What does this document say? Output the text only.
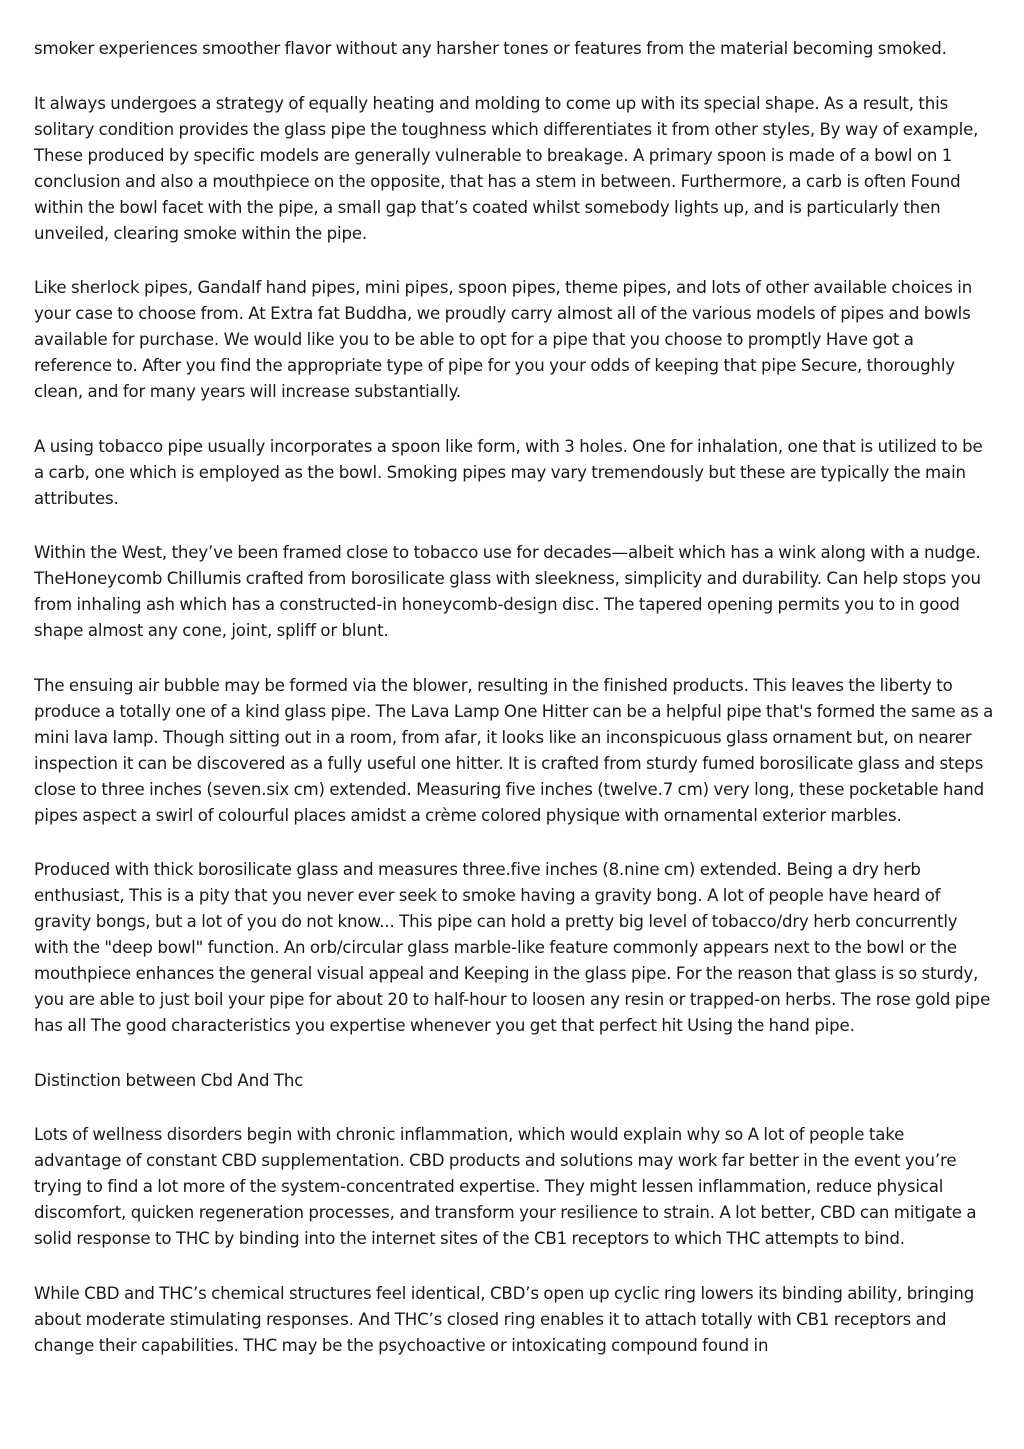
smoker experiences smoother flavor without any harsher tones or features from the material becoming smoked.

It always undergoes a strategy of equally heating and molding to come up with its special shape. As a result, this solitary condition provides the glass pipe the toughness which differentiates it from other styles, By way of example, These produced by specific models are generally vulnerable to breakage. A primary spoon is made of a bowl on 1 conclusion and also a mouthpiece on the opposite, that has a stem in between. Furthermore, a carb is often Found within the bowl facet with the pipe, a small gap that’s coated whilst somebody lights up, and is particularly then unveiled, clearing smoke within the pipe.

Like sherlock pipes, Gandalf hand pipes, mini pipes, spoon pipes, theme pipes, and lots of other available choices in your case to choose from. At Extra fat Buddha, we proudly carry almost all of the various models of pipes and bowls available for purchase. We would like you to be able to opt for a pipe that you choose to promptly Have got a reference to. After you find the appropriate type of pipe for you your odds of keeping that pipe Secure, thoroughly clean, and for many years will increase substantially.

A using tobacco pipe usually incorporates a spoon like form, with 3 holes. One for inhalation, one that is utilized to be a carb, one which is employed as the bowl. Smoking pipes may vary tremendously but these are typically the main attributes.

Within the West, they’ve been framed close to tobacco use for decades—albeit which has a wink along with a nudge. TheHoneycomb Chillumis crafted from borosilicate glass with sleekness, simplicity and durability. Can help stops you from inhaling ash which has a constructed-in honeycomb-design disc. The tapered opening permits you to in good shape almost any cone, joint, spliff or blunt.

The ensuing air bubble may be formed via the blower, resulting in the finished products. This leaves the liberty to produce a totally one of a kind glass pipe. The Lava Lamp One Hitter can be a helpful pipe that's formed the same as a mini lava lamp. Though sitting out in a room, from afar, it looks like an inconspicuous glass ornament but, on nearer inspection it can be discovered as a fully useful one hitter. It is crafted from sturdy fumed borosilicate glass and steps close to three inches (seven.six cm) extended. Measuring five inches (twelve.7 cm) very long, these pocketable hand pipes aspect a swirl of colourful places amidst a crème colored physique with ornamental exterior marbles.

Produced with thick borosilicate glass and measures three.five inches (8.nine cm) extended. Being a dry herb enthusiast, This is a pity that you never ever seek to smoke having a gravity bong. A lot of people have heard of gravity bongs, but a lot of you do not know... This pipe can hold a pretty big level of tobacco/dry herb concurrently with the "deep bowl" function. An orb/circular glass marble-like feature commonly appears next to the bowl or the mouthpiece enhances the general visual appeal and Keeping in the glass pipe. For the reason that glass is so sturdy, you are able to just boil your pipe for about 20 to half-hour to loosen any resin or trapped-on herbs. The rose gold pipe has all The good characteristics you expertise whenever you get that perfect hit Using the hand pipe.

Distinction between Cbd And Thc

Lots of wellness disorders begin with chronic inflammation, which would explain why so A lot of people take advantage of constant CBD supplementation. CBD products and solutions may work far better in the event you’re trying to find a lot more of the system-concentrated expertise. They might lessen inflammation, reduce physical discomfort, quicken regeneration processes, and transform your resilience to strain. A lot better, CBD can mitigate a solid response to THC by binding into the internet sites of the CB1 receptors to which THC attempts to bind.

While CBD and THC’s chemical structures feel identical, CBD’s open up cyclic ring lowers its binding ability, bringing about moderate stimulating responses. And THC’s closed ring enables it to attach totally with CB1 receptors and change their capabilities. THC may be the psychoactive or intoxicating compound found in
